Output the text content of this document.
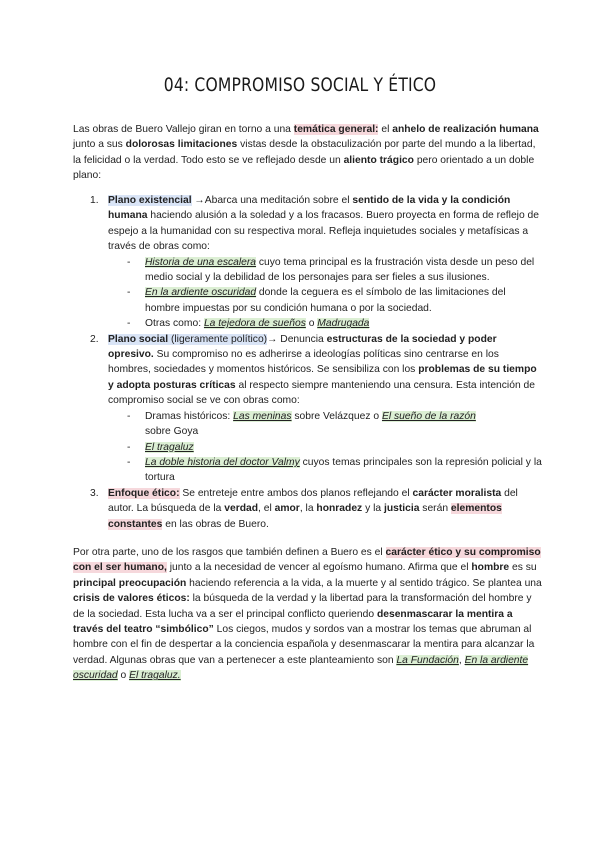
04: COMPROMISO SOCIAL Y ÉTICO

Las obras de Buero Vallejo giran en torno a una temática general: el anhelo de realización humana junto a sus dolorosas limitaciones vistas desde la obstaculización por parte del mundo a la libertad, la felicidad o la verdad. Todo esto se ve reflejado desde un aliento trágico pero orientado a un doble plano:

1. Plano existencial →Abarca una meditación sobre el sentido de la vida y la condición humana haciendo alusión a la soledad y a los fracasos. Buero proyecta en forma de reflejo de espejo a la humanidad con su respectiva moral. Refleja inquietudes sociales y metafísicas a través de obras como:
- Historia de una escalera cuyo tema principal es la frustración vista desde un peso del medio social y la debilidad de los personajes para ser fieles a sus ilusiones.
- En la ardiente oscuridad donde la ceguera es el símbolo de las limitaciones del hombre impuestas por su condición humana o por la sociedad.
- Otras como: La tejedora de sueños o Madrugada
2. Plano social (ligeramente político)→ Denuncia estructuras de la sociedad y poder opresivo. Su compromiso no es adherirse a ideologías políticas sino centrarse en los hombres, sociedades y momentos históricos. Se sensibiliza con los problemas de su tiempo y adopta posturas críticas al respecto siempre manteniendo una censura. Esta intención de compromiso social se ve con obras como:
- Dramas históricos: Las meninas sobre Velázquez o El sueño de la razón
sobre Goya
- El tragaluz
- La doble historia del doctor Valmy cuyos temas principales son la represión policial y la tortura
3. Enfoque ético: Se entreteje entre ambos dos planos reflejando el carácter moralista del autor. La búsqueda de la verdad, el amor, la honradez y la justicia serán elementos constantes en las obras de Buero.

Por otra parte, uno de los rasgos que también definen a Buero es el carácter ético y su compromiso con el ser humano, junto a la necesidad de vencer al egoísmo humano. Afirma que el hombre es su principal preocupación haciendo referencia a la vida, a la muerte y al sentido trágico. Se plantea una crisis de valores éticos: la búsqueda de la verdad y la libertad para la transformación del hombre y de la sociedad. Esta lucha va a ser el principal conflicto queriendo desenmascarar la mentira a través del teatro “simbólico” Los ciegos, mudos y sordos van a mostrar los temas que abruman al hombre con el fin de despertar a la conciencia española y desenmascarar la mentira para alcanzar la verdad. Algunas obras que van a pertenecer a este planteamiento son La Fundación, En la ardiente oscuridad o El tragaluz.
